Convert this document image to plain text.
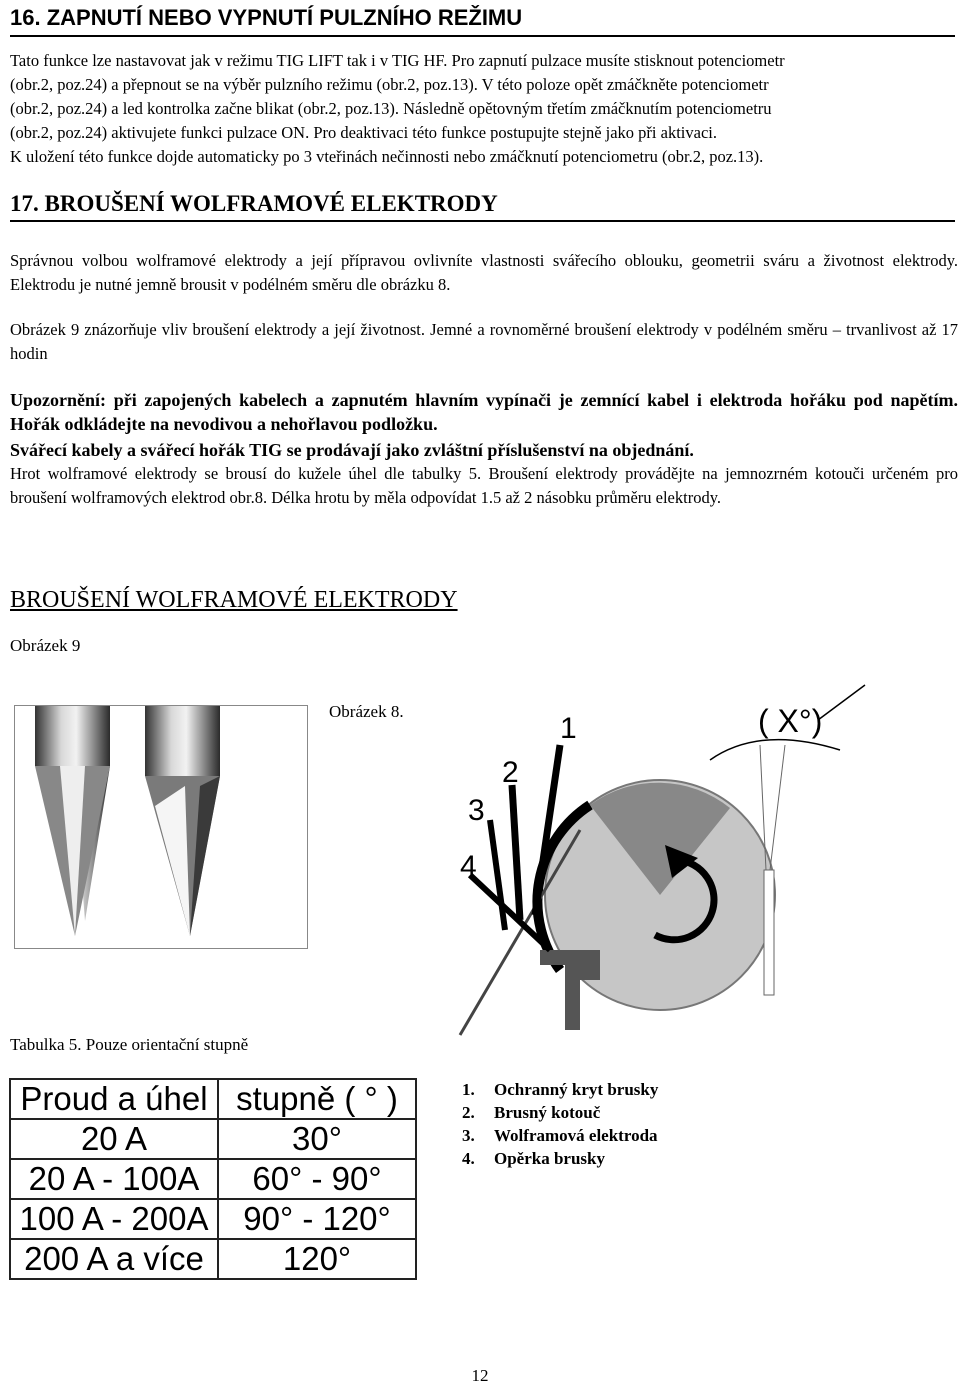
16. ZAPNUTÍ NEBO VYPNUTÍ PULZNÍHO REŽIMU
Tato funkce lze nastavovat jak v režimu TIG LIFT tak i v TIG HF. Pro zapnutí pulzace musíte stisknout potenciometr
(obr.2, poz.24) a přepnout se na výběr pulzního režimu (obr.2, poz.13). V této poloze opět zmáčkněte potenciometr
(obr.2, poz.24) a led kontrolka začne blikat (obr.2, poz.13). Následně opětovným třetím zmáčknutím potenciometru
(obr.2, poz.24) aktivujete funkci pulzace ON. Pro deaktivaci této funkce postupujte stejně jako při aktivaci.
K uložení této funkce dojde automaticky po 3 vteřinách nečinnosti nebo zmáčknutí potenciometru (obr.2, poz.13).
17. BROUŠENÍ WOLFRAMOVÉ ELEKTRODY
Správnou volbou wolframové elektrody a její přípravou ovlivníte vlastnosti svářecího oblouku, geometrii sváru a životnost elektrody. Elektrodu je nutné jemně brousit v podélném směru dle obrázku 8.
Obrázek 9 znázorňuje vliv broušení elektrody a její životnost. Jemné a rovnoměrné broušení elektrody v podélném směru – trvanlivost až 17 hodin
Upozornění: při zapojených kabelech a zapnutém hlavním vypínači je zemnící kabel i elektroda hořáku pod napětím. Hořák odkládejte na nevodivou a nehořlavou podložku.
Svářecí kabely a svářecí hořák TIG se prodávají jako zvláštní příslušenství na objednání.
Hrot wolframové elektrody se brousí do kužele úhel dle tabulky 5. Broušení elektrody provádějte na jemnozrném kotouči určeném pro broušení wolframových elektrod obr.8. Délka hrotu by měla odpovídat 1.5 až 2 násobku průměru elektrody.
BROUŠENÍ WOLFRAMOVÉ ELEKTRODY
Obrázek 9
Obrázek 8.
1
2
3
4
( X°)
Tabulka 5. Pouze orientační stupně
Proud a úhel	stupně ( ° )
20 A	30°
20 A - 100A	60° - 90°
100 A - 200A	90° - 120°
200 A a více	120°
1. Ochranný kryt brusky
2. Brusný kotouč
3. Wolframová elektroda
4. Opěrka brusky
12
